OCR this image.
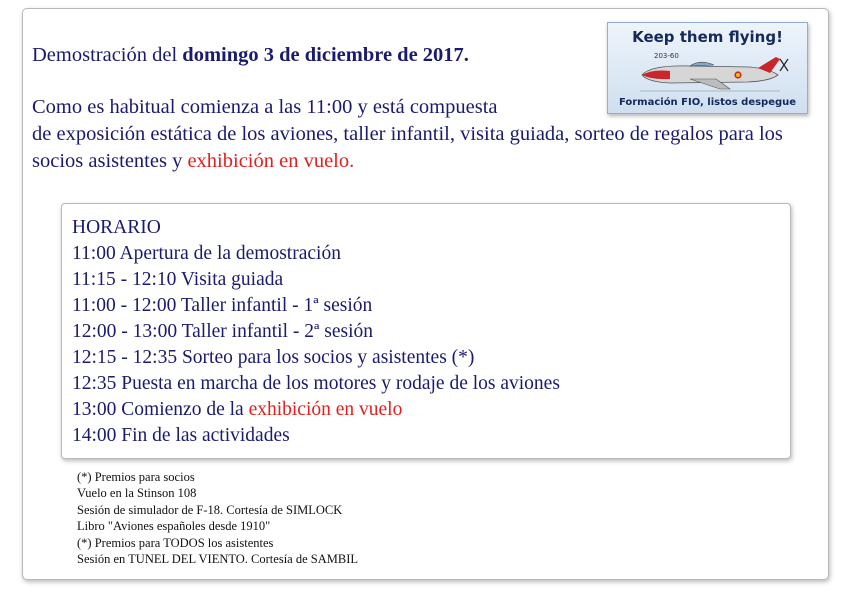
Keep them flying!
203-60
Formación FIO, listos despegue

Demostración del domingo 3 de diciembre de 2017.

Como es habitual comienza a las 11:00 y está compuesta

de exposición estática de los aviones, taller infantil, visita guiada, sorteo de regalos para los socios asistentes y exhibición en vuelo.

HORARIO
11:00 Apertura de la demostración
11:15 - 12:10 Visita guiada
11:00 - 12:00 Taller infantil - 1ª sesión
12:00 - 13:00 Taller infantil - 2ª sesión
12:15 - 12:35 Sorteo para los socios y asistentes (*)
12:35 Puesta en marcha de los motores y rodaje de los aviones
13:00 Comienzo de la exhibición en vuelo
14:00 Fin de las actividades
(*) Premios para socios
Vuelo en la Stinson 108
Sesión de simulador de F-18. Cortesía de SIMLOCK
Libro "Aviones españoles desde 1910"
(*) Premios para TODOS los asistentes
Sesión en TUNEL DEL VIENTO. Cortesía de SAMBIL
